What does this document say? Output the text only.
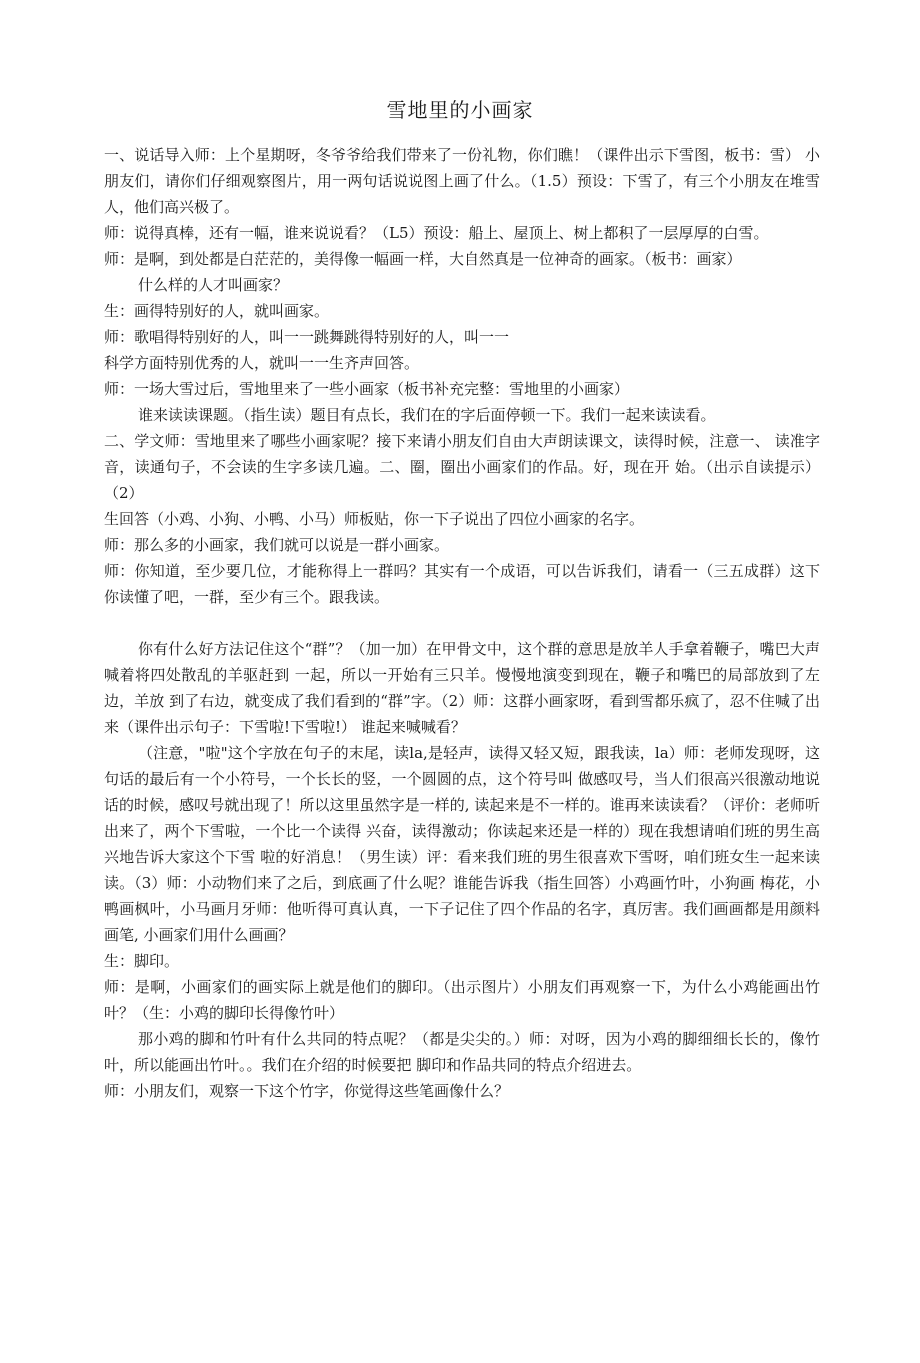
雪地里的小画家

一、说话导入师：上个星期呀，冬爷爷给我们带来了一份礼物，你们瞧！（课件出示下雪图，板书：雪） 小朋友们，请你们仔细观察图片，用一两句话说说图上画了什么。（1.5）预设：下雪了，有三个小朋友在堆雪人，他们高兴极了。

师：说得真棒，还有一幅，谁来说说看？（L5）预设：船上、屋顶上、树上都积了一层厚厚的白雪。

师：是啊，到处都是白茫茫的，美得像一幅画一样，大自然真是一位神奇的画家。（板书：画家）

什么样的人才叫画家？

生：画得特别好的人，就叫画家。

师：歌唱得特别好的人，叫一一跳舞跳得特别好的人，叫一一

科学方面特别优秀的人，就叫一一生齐声回答。

师：一场大雪过后，雪地里来了一些小画家（板书补充完整：雪地里的小画家）

谁来读读课题。（指生读）题目有点长，我们在的字后面停顿一下。我们一起来读读看。

二、学文师：雪地里来了哪些小画家呢？接下来请小朋友们自由大声朗读课文，读得时候，注意一、 读准字音，读通句子，不会读的生字多读几遍。二、圈，圈出小画家们的作品。好，现在开 始。（出示自读提示）（2）

生回答（小鸡、小狗、小鸭、小马）师板贴，你一下子说出了四位小画家的名字。

师：那么多的小画家，我们就可以说是一群小画家。

师：你知道，至少要几位，才能称得上一群吗？其实有一个成语，可以告诉我们，请看一（三五成群）这下你读懂了吧，一群，至少有三个。跟我读。

你有什么好方法记住这个“群”？（加一加）在甲骨文中，这个群的意思是放羊人手拿着鞭子，嘴巴大声喊着将四处散乱的羊驱赶到 一起，所以一开始有三只羊。慢慢地演变到现在，鞭子和嘴巴的局部放到了左边，羊放 到了右边，就变成了我们看到的“群”字。（2）师：这群小画家呀，看到雪都乐疯了，忍不住喊了出来（课件出示句子：下雪啦!下雪啦!） 谁起来喊喊看？

（注意，"啦"这个字放在句子的末尾，读la,是轻声，读得又轻又短，跟我读，la）师：老师发现呀，这句话的最后有一个小符号，一个长长的竖，一个圆圆的点，这个符号叫 做感叹号，当人们很高兴很激动地说话的时候，感叹号就出现了！所以这里虽然字是一样的, 读起来是不一样的。谁再来读读看？（评价：老师听出来了，两个下雪啦，一个比一个读得 兴奋，读得激动；你读起来还是一样的）现在我想请咱们班的男生高兴地告诉大家这个下雪 啦的好消息！（男生读）评：看来我们班的男生很喜欢下雪呀，咱们班女生一起来读读。（3）师：小动物们来了之后，到底画了什么呢？谁能告诉我（指生回答）小鸡画竹叶，小狗画 梅花，小鸭画枫叶，小马画月牙师：他听得可真认真，一下子记住了四个作品的名字，真厉害。我们画画都是用颜料画笔, 小画家们用什么画画？

生：脚印。

师：是啊，小画家们的画实际上就是他们的脚印。（出示图片）小朋友们再观察一下，为什么小鸡能画出竹叶？（生：小鸡的脚印长得像竹叶）

那小鸡的脚和竹叶有什么共同的特点呢？（都是尖尖的。）师：对呀，因为小鸡的脚细细长长的，像竹叶，所以能画出竹叶。。我们在介绍的时候要把 脚印和作品共同的特点介绍进去。

师：小朋友们，观察一下这个竹字，你觉得这些笔画像什么？
